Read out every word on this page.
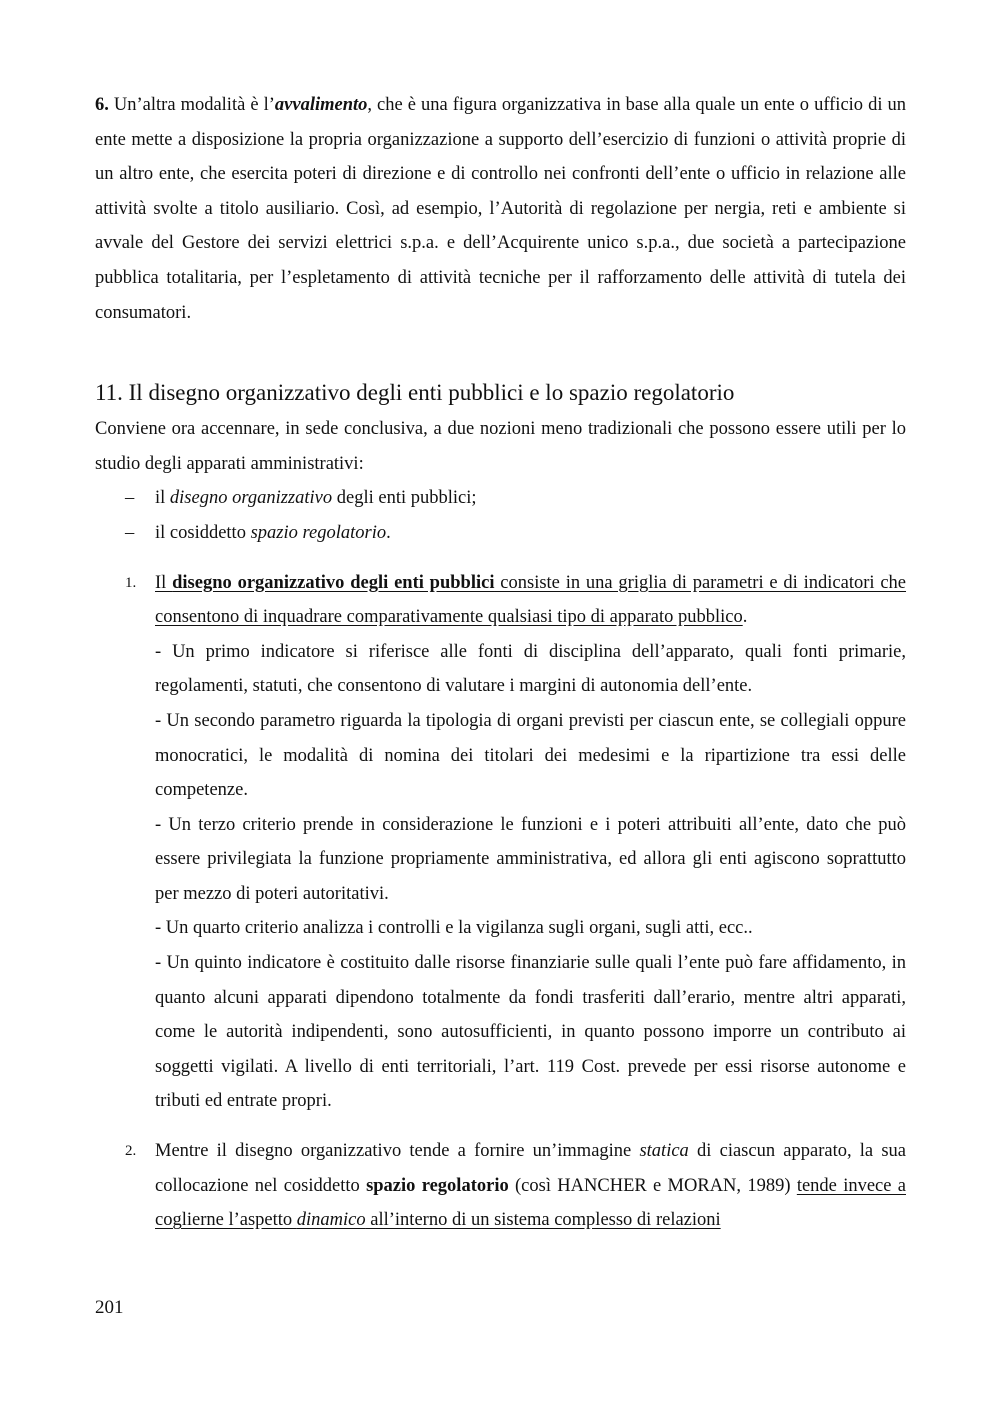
6. Un’altra modalità è l’avvalimento, che è una figura organizzativa in base alla quale un ente o ufficio di un ente mette a disposizione la propria organizzazione a supporto dell’esercizio di funzioni o attività proprie di un altro ente, che esercita poteri di direzione e di controllo nei confronti dell’ente o ufficio in relazione alle attività svolte a titolo ausiliario. Così, ad esempio, l’Autorità di regolazione per nergia, reti e ambiente si avvale del Gestore dei servizi elettrici s.p.a. e dell’Acquirente unico s.p.a., due società a partecipazione pubblica totalitaria, per l’espletamento di attività tecniche per il rafforzamento delle attività di tutela dei consumatori.

11. Il disegno organizzativo degli enti pubblici e lo spazio regolatorio

Conviene ora accennare, in sede conclusiva, a due nozioni meno tradizionali che possono essere utili per lo studio degli apparati amministrativi:

– il disegno organizzativo degli enti pubblici;
– il cosiddetto spazio regolatorio.
1. Il disegno organizzativo degli enti pubblici consiste in una griglia di parametri e di indicatori che consentono di inquadrare comparativamente qualsiasi tipo di apparato pubblico.

- Un primo indicatore si riferisce alle fonti di disciplina dell’apparato, quali fonti primarie, regolamenti, statuti, che consentono di valutare i margini di autonomia dell’ente.

- Un secondo parametro riguarda la tipologia di organi previsti per ciascun ente, se collegiali oppure monocratici, le modalità di nomina dei titolari dei medesimi e la ripartizione tra essi delle competenze.

- Un terzo criterio prende in considerazione le funzioni e i poteri attribuiti all’ente, dato che può essere privilegiata la funzione propriamente amministrativa, ed allora gli enti agiscono soprattutto per mezzo di poteri autoritativi.

- Un quarto criterio analizza i controlli e la vigilanza sugli organi, sugli atti, ecc..

- Un quinto indicatore è costituito dalle risorse finanziarie sulle quali l’ente può fare affidamento, in quanto alcuni apparati dipendono totalmente da fondi trasferiti dall’erario, mentre altri apparati, come le autorità indipendenti, sono autosufficienti, in quanto possono imporre un contributo ai soggetti vigilati. A livello di enti territoriali, l’art. 119 Cost. prevede per essi risorse autonome e tributi ed entrate propri.

2. Mentre il disegno organizzativo tende a fornire un’immagine statica di ciascun apparato, la sua collocazione nel cosiddetto spazio regolatorio (così HANCHER e MORAN, 1989) tende invece a coglierne l’aspetto dinamico all’interno di un sistema complesso di relazioni

201
